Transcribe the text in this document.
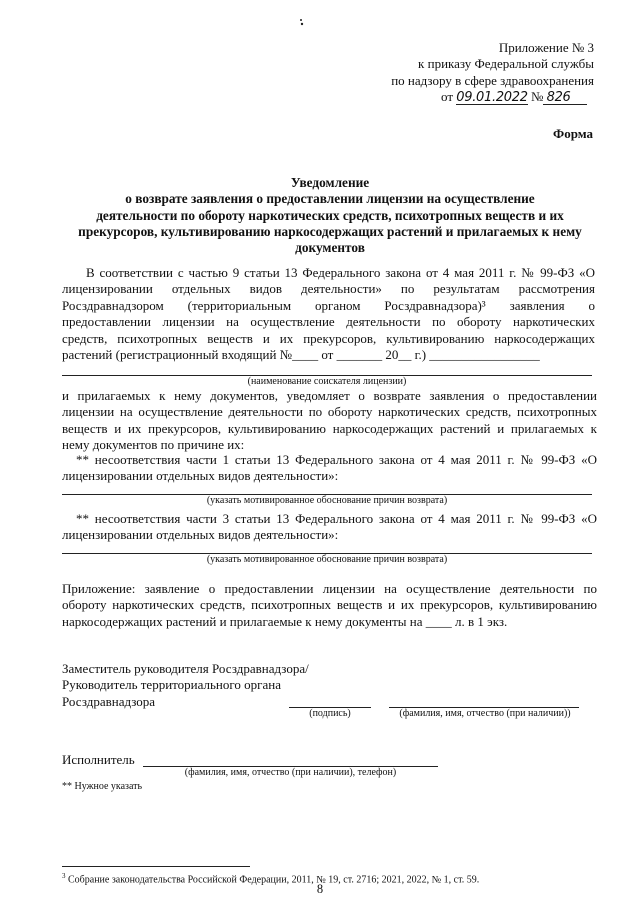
Приложение № 3
к приказу Федеральной службы
по надзору в сфере здравоохранения
от 09.01.2022 № 826
Форма
Уведомление
о возврате заявления о предоставлении лицензии на осуществление
деятельности по обороту наркотических средств, психотропных веществ и их
прекурсоров, культивированию наркосодержащих растений и прилагаемых к нему
документов
В соответствии с частью 9 статьи 13 Федерального закона от 4 мая 2011 г. № 99-ФЗ «О
лицензировании отдельных видов деятельности» по результатам рассмотрения
Росздравнадзором (территориальным органом Росздравнадзора)³ заявления о
предоставлении лицензии на осуществление деятельности по обороту наркотических
средств, психотропных веществ и их прекурсоров, культивированию наркосодержащих
растений (регистрационный входящий №____ от _______ 20__ г.) _________________
(наименование соискателя лицензии)
и прилагаемых к нему документов, уведомляет о возврате заявления о предоставлении
лицензии на осуществление деятельности по обороту наркотических средств, психотропных
веществ и их прекурсоров, культивированию наркосодержащих растений и прилагаемых к
нему документов по причине их:
** несоответствия части 1 статьи 13 Федерального закона от 4 мая 2011 г. № 99-ФЗ «О
лицензировании отдельных видов деятельности»:
(указать мотивированное обоснование причин возврата)
** несоответствия части 3 статьи 13 Федерального закона от 4 мая 2011 г. № 99-ФЗ «О
лицензировании отдельных видов деятельности»:
(указать мотивированное обоснование причин возврата)
Приложение: заявление о предоставлении лицензии на осуществление деятельности по
обороту наркотических средств, психотропных веществ и их прекурсоров, культивированию
наркосодержащих растений и прилагаемые к нему документы на ____ л. в 1 экз.
Заместитель руководителя Росздравнадзора/
Руководитель территориального органа
Росздравнадзора
(подпись)	(фамилия, имя, отчество (при наличии))
Исполнитель
(фамилия, имя, отчество (при наличии), телефон)
** Нужное указать
$^3$ Собрание законодательства Российской Федерации, 2011, № 19, ст. 2716; 2021, 2022, № 1, ст. 59.
8
